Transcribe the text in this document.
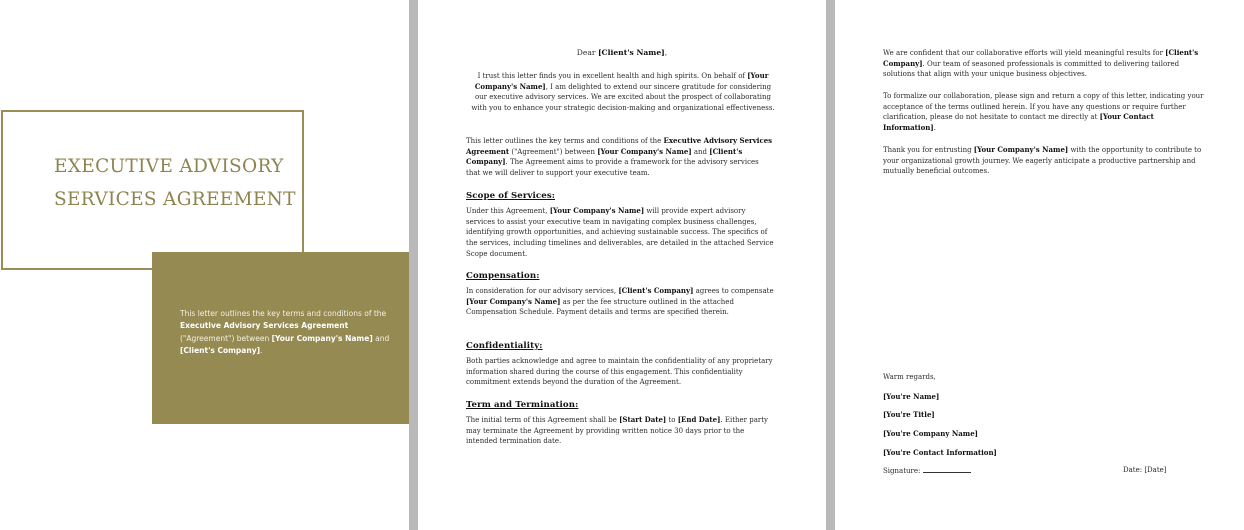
EXECUTIVE ADVISORY
SERVICES AGREEMENT
This letter outlines the key terms and conditions of the Executive Advisory Services Agreement ("Agreement") between [Your Company's Name] and [Client's Company].
Dear [Client's Name],
I trust this letter finds you in excellent health and high spirits. On behalf of [Your Company's Name], I am delighted to extend our sincere gratitude for considering our executive advisory services. We are excited about the prospect of collaborating with you to enhance your strategic decision-making and organizational effectiveness.
This letter outlines the key terms and conditions of the Executive Advisory Services Agreement ("Agreement") between [Your Company's Name] and [Client's Company]. The Agreement aims to provide a framework for the advisory services that we will deliver to support your executive team.
Scope of Services:
Under this Agreement, [Your Company's Name] will provide expert advisory services to assist your executive team in navigating complex business challenges, identifying growth opportunities, and achieving sustainable success. The specifics of the services, including timelines and deliverables, are detailed in the attached Service Scope document.
Compensation:
In consideration for our advisory services, [Client's Company] agrees to compensate [Your Company's Name] as per the fee structure outlined in the attached Compensation Schedule. Payment details and terms are specified therein.
Confidentiality:
Both parties acknowledge and agree to maintain the confidentiality of any proprietary information shared during the course of this engagement. This confidentiality commitment extends beyond the duration of the Agreement.
Term and Termination:
The initial term of this Agreement shall be [Start Date] to [End Date]. Either party may terminate the Agreement by providing written notice 30 days prior to the intended termination date.
We are confident that our collaborative efforts will yield meaningful results for [Client's Company]. Our team of seasoned professionals is committed to delivering tailored solutions that align with your unique business objectives.
To formalize our collaboration, please sign and return a copy of this letter, indicating your acceptance of the terms outlined herein. If you have any questions or require further clarification, please do not hesitate to contact me directly at [Your Contact Information].
Thank you for entrusting [Your Company's Name] with the opportunity to contribute to your organizational growth journey. We eagerly anticipate a productive partnership and mutually beneficial outcomes.
Warm regards,
[You're Name]
[You're Title]
[You're Company Name]
[You're Contact Information]
Signature:	Date: [Date]
